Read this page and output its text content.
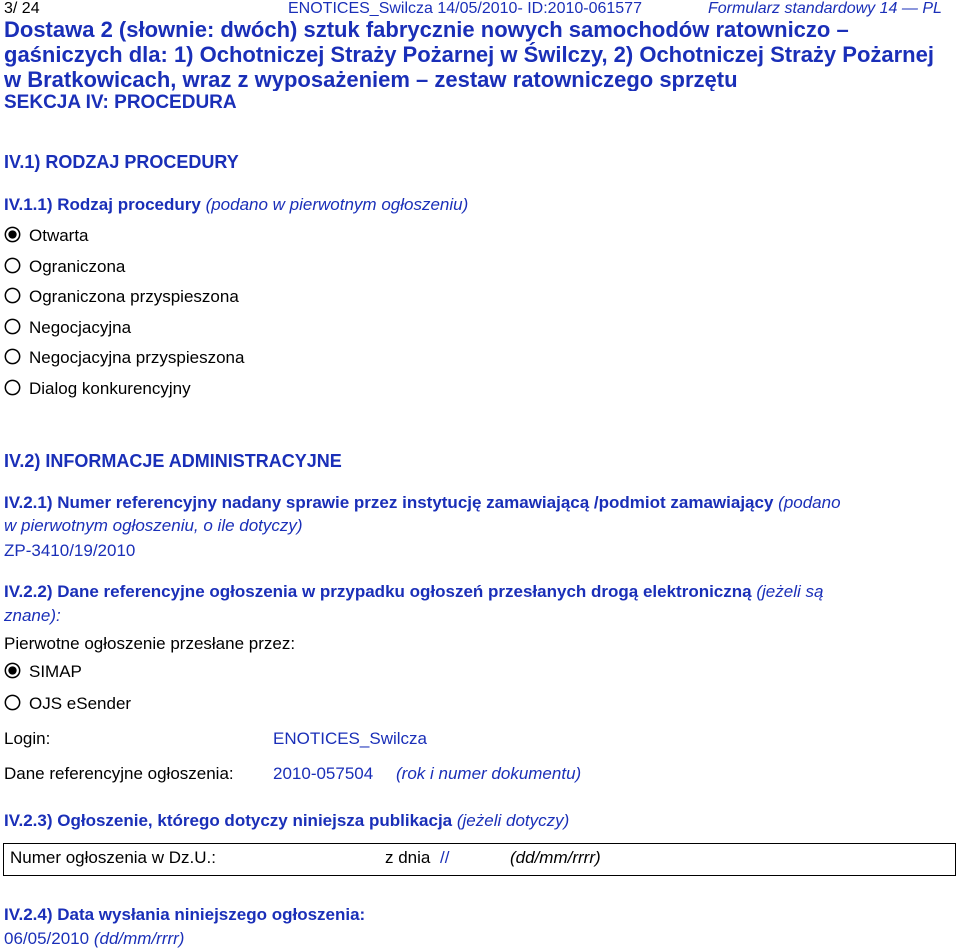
3/ 24	ENOTICES_Swilcza 14/05/2010- ID:2010-061577	Formularz standardowy 14 — PL
Dostawa 2 (słownie: dwóch) sztuk fabrycznie nowych samochodów ratowniczo – gaśniczych dla: 1) Ochotniczej Straży Pożarnej w Świlczy, 2) Ochotniczej Straży Pożarnej w Bratkowicach, wraz z wyposażeniem – zestaw ratowniczego sprzętu
SEKCJA IV: PROCEDURA
IV.1) RODZAJ PROCEDURY
IV.1.1) Rodzaj procedury (podano w pierwotnym ogłoszeniu)
Otwarta
Ograniczona
Ograniczona przyspieszona
Negocjacyjna
Negocjacyjna przyspieszona
Dialog konkurencyjny
IV.2) INFORMACJE ADMINISTRACYJNE
IV.2.1) Numer referencyjny nadany sprawie przez instytucję zamawiającą /podmiot zamawiający (podano
w pierwotnym ogłoszeniu, o ile dotyczy)
ZP-3410/19/2010
IV.2.2) Dane referencyjne ogłoszenia w przypadku ogłoszeń przesłanych drogą elektroniczną (jeżeli są
znane):
Pierwotne ogłoszenie przesłane przez:
SIMAP
OJS eSender
Login:	ENOTICES_Swilcza
Dane referencyjne ogłoszenia: 2010-057504 (rok i numer dokumentu)
IV.2.3) Ogłoszenie, którego dotyczy niniejsza publikacja (jeżeli dotyczy)
Numer ogłoszenia w Dz.U.:	z dnia //	(dd/mm/rrrr)
IV.2.4) Data wysłania niniejszego ogłoszenia:
06/05/2010 (dd/mm/rrrr)
